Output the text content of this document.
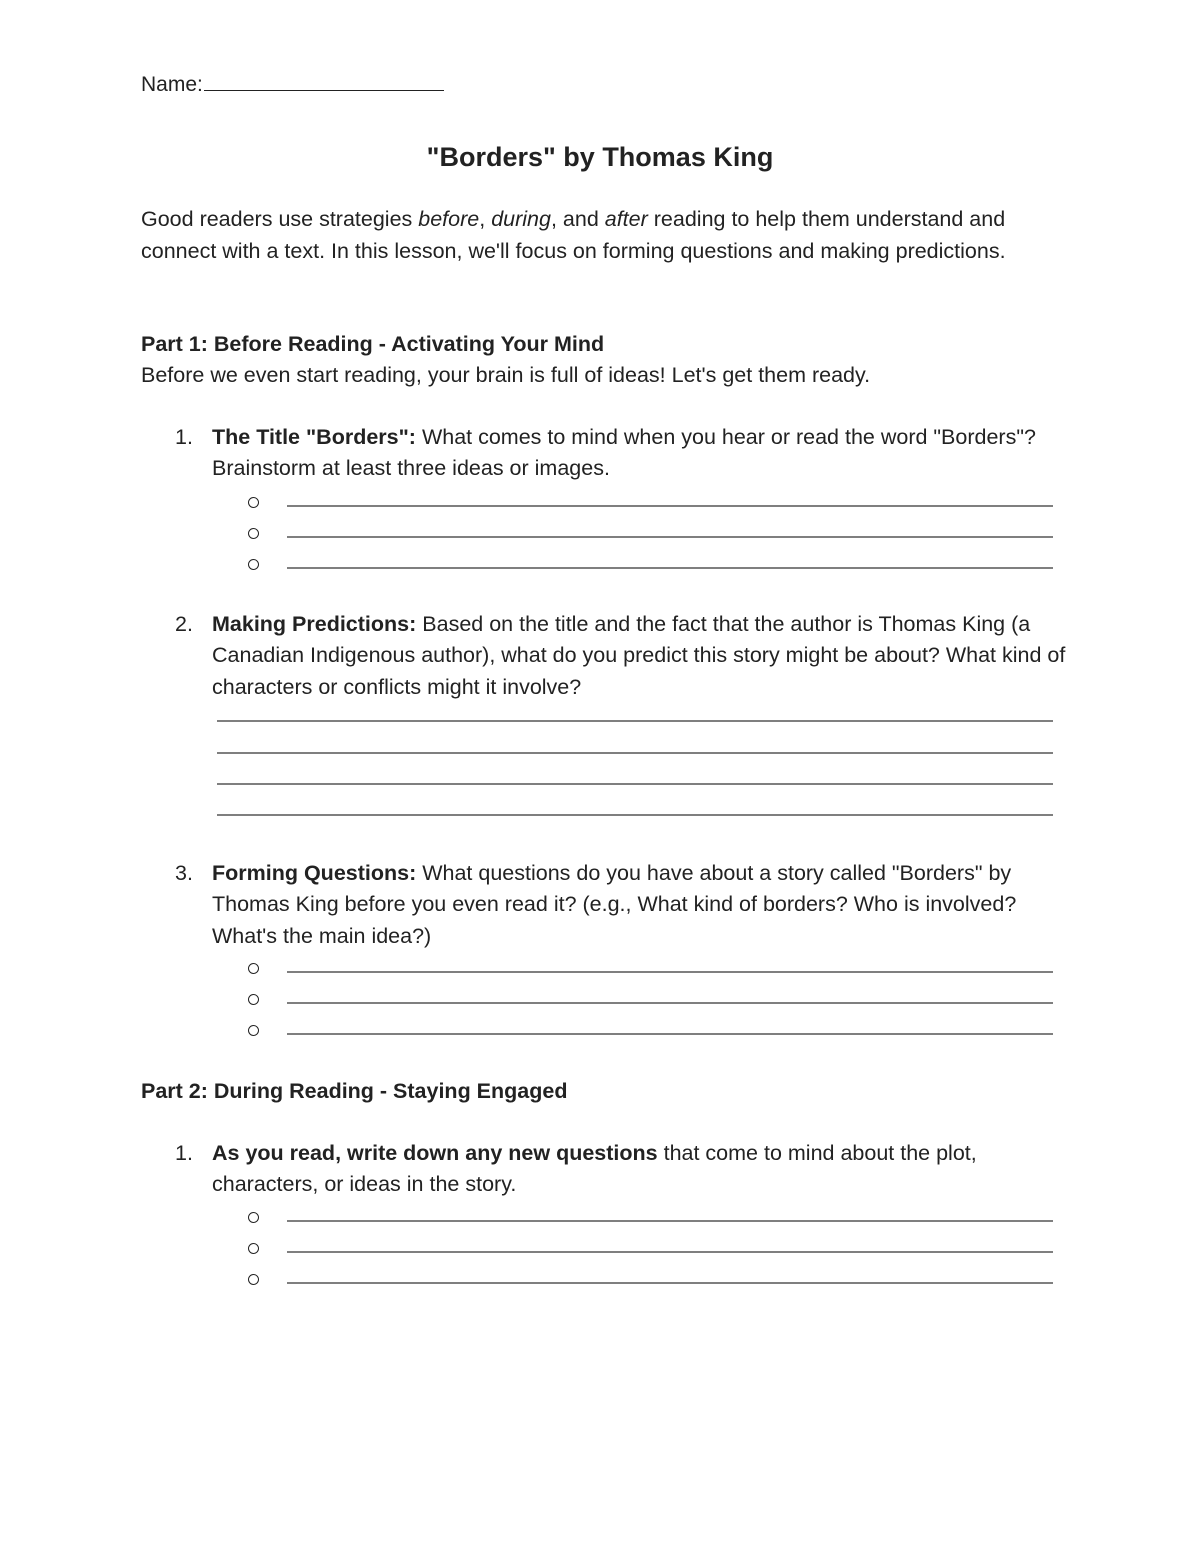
Name:
"Borders" by Thomas King
Good readers use strategies before, during, and after reading to help them understand and connect with a text. In this lesson, we'll focus on forming questions and making predictions.
Part 1: Before Reading - Activating Your Mind
Before we even start reading, your brain is full of ideas! Let's get them ready.
1. The Title "Borders": What comes to mind when you hear or read the word "Borders"? Brainstorm at least three ideas or images.
2. Making Predictions: Based on the title and the fact that the author is Thomas King (a Canadian Indigenous author), what do you predict this story might be about? What kind of characters or conflicts might it involve?
3. Forming Questions: What questions do you have about a story called "Borders" by Thomas King before you even read it? (e.g., What kind of borders? Who is involved? What's the main idea?)
Part 2: During Reading - Staying Engaged
1. As you read, write down any new questions that come to mind about the plot, characters, or ideas in the story.
